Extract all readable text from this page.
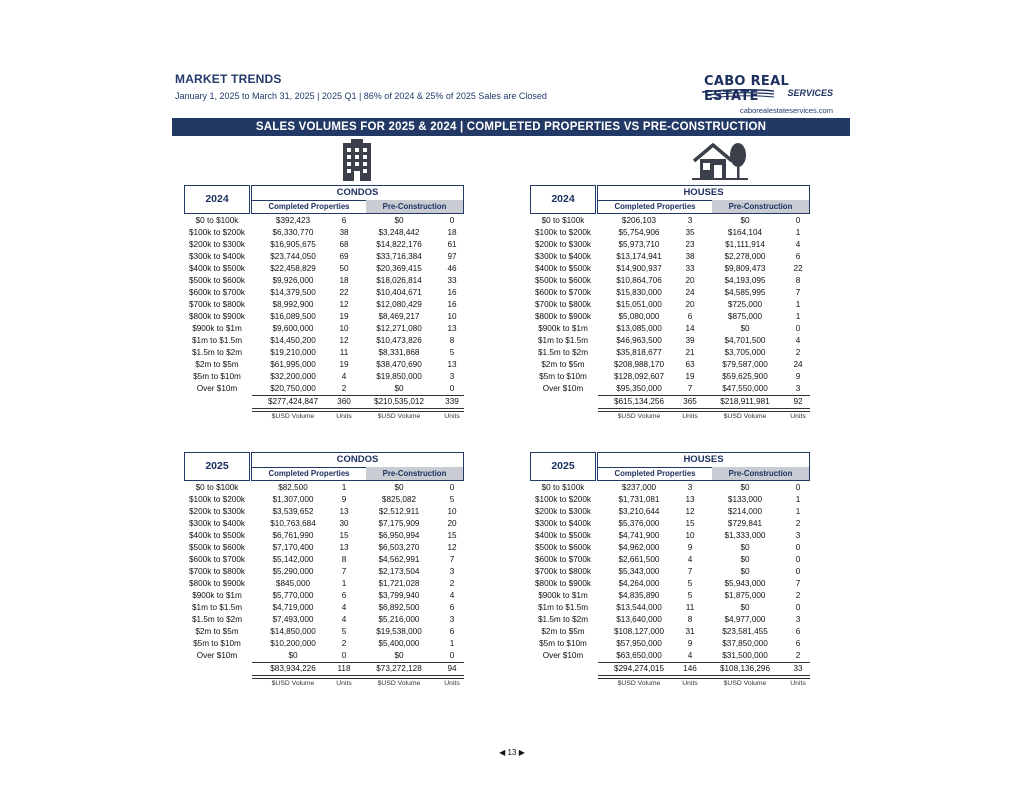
MARKET TRENDS
January 1, 2025 to March 31, 2025 | 2025 Q1 | 86% of 2024 & 25% of 2025 Sales are Closed
CABO REAL ESTATE	SERVICES
caborealestateservices.com
SALES VOLUMES FOR 2025 & 2024 | COMPLETED PROPERTIES VS PRE-CONSTRUCTION
2024
CONDOS
Completed Properties	Pre-Construction
$0 to $100k	$392,423	6	$0	0
$100k to $200k	$6,330,770	38	$3,248,442	18
$200k to $300k	$16,905,675	68	$14,822,176	61
$300k to $400k	$23,744,050	69	$33,716,384	97
$400k to $500k	$22,458,829	50	$20,369,415	46
$500k to $600k	$9,926,000	18	$18,026,814	33
$600k to $700k	$14,379,500	22	$10,404,671	16
$700k to $800k	$8,992,900	12	$12,080,429	16
$800k to $900k	$16,089,500	19	$8,469,217	10
$900k to $1m	$9,600,000	10	$12,271,080	13
$1m to $1.5m	$14,450,200	12	$10,473,826	8
$1.5m to $2m	$19,210,000	11	$8,331,868	5
$2m to $5m	$61,995,000	19	$38,470,690	13
$5m to $10m	$32,200,000	4	$19,850,000	3
Over $10m	$20,750,000	2	$0	0
$277,424,847	360	$210,535,012	339
$USD Volume	Units	$USD Volume	Units
2024
HOUSES
Completed Properties	Pre-Construction
$0 to $100k	$206,103	3	$0	0
$100k to $200k	$5,754,906	35	$164,104	1
$200k to $300k	$5,973,710	23	$1,111,914	4
$300k to $400k	$13,174,941	38	$2,278,000	6
$400k to $500k	$14,900,937	33	$9,809,473	22
$500k to $600k	$10,864,706	20	$4,193,095	8
$600k to $700k	$15,830,000	24	$4,585,995	7
$700k to $800k	$15,051,000	20	$725,000	1
$800k to $900k	$5,080,000	6	$875,000	1
$900k to $1m	$13,085,000	14	$0	0
$1m to $1.5m	$46,963,500	39	$4,701,500	4
$1.5m to $2m	$35,818,677	21	$3,705,000	2
$2m to $5m	$208,988,170	63	$79,587,000	24
$5m to $10m	$128,092,607	19	$59,625,900	9
Over $10m	$95,350,000	7	$47,550,000	3
$615,134,256	365	$218,911,981	92
$USD Volume	Units	$USD Volume	Units
2025
CONDOS
Completed Properties	Pre-Construction
$0 to $100k	$82,500	1	$0	0
$100k to $200k	$1,307,000	9	$825,082	5
$200k to $300k	$3,539,652	13	$2,512,911	10
$300k to $400k	$10,763,684	30	$7,175,909	20
$400k to $500k	$6,761,990	15	$6,950,994	15
$500k to $600k	$7,170,400	13	$6,503,270	12
$600k to $700k	$5,142,000	8	$4,562,991	7
$700k to $800k	$5,290,000	7	$2,173,504	3
$800k to $900k	$845,000	1	$1,721,028	2
$900k to $1m	$5,770,000	6	$3,799,940	4
$1m to $1.5m	$4,719,000	4	$6,892,500	6
$1.5m to $2m	$7,493,000	4	$5,216,000	3
$2m to $5m	$14,850,000	5	$19,538,000	6
$5m to $10m	$10,200,000	2	$5,400,000	1
Over $10m	$0	0	$0	0
$83,934,226	118	$73,272,128	94
$USD Volume	Units	$USD Volume	Units
2025
HOUSES
Completed Properties	Pre-Construction
$0 to $100k	$237,000	3	$0	0
$100k to $200k	$1,731,081	13	$133,000	1
$200k to $300k	$3,210,644	12	$214,000	1
$300k to $400k	$5,376,000	15	$729,841	2
$400k to $500k	$4,741,900	10	$1,333,000	3
$500k to $600k	$4,962,000	9	$0	0
$600k to $700k	$2,661,500	4	$0	0
$700k to $800k	$5,343,000	7	$0	0
$800k to $900k	$4,264,000	5	$5,943,000	7
$900k to $1m	$4,835,890	5	$1,875,000	2
$1m to $1.5m	$13,544,000	11	$0	0
$1.5m to $2m	$13,640,000	8	$4,977,000	3
$2m to $5m	$108,127,000	31	$23,581,455	6
$5m to $10m	$57,950,000	9	$37,850,000	6
Over $10m	$63,650,000	4	$31,500,000	2
$294,274,015	146	$108,136,296	33
$USD Volume	Units	$USD Volume	Units
◀ 13 ▶
